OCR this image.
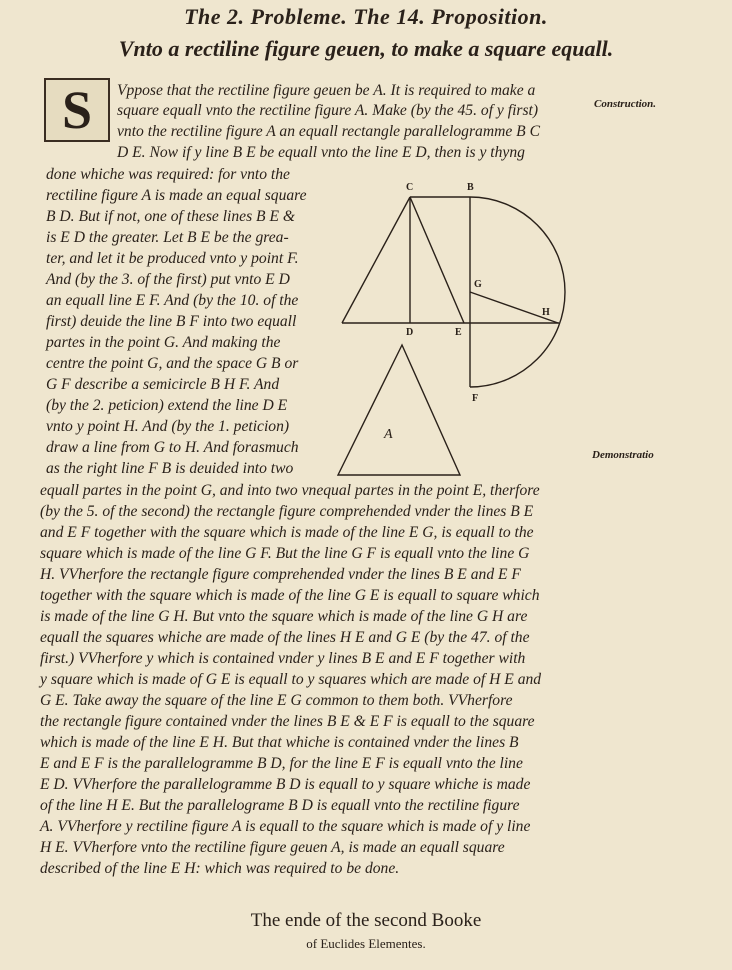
The 2. Probleme. The 14. Proposition.
Vnto a rectiline figure geuen, to make a square equall.
S	Construction.
Demonstratio
Vppose that the rectiline figure geuen be A. It is required to make a
square equall vnto the rectiline figure A. Make (by the 45. of y first)
vnto the rectiline figure A an equall rectangle parallelogramme B C
D E. Now if y line B E be equall vnto the line E D, then is y thyng
done whiche was required: for vnto the
rectiline figure A is made an equal square
B D. But if not, one of these lines B E &
is E D the greater. Let B E be the grea-
ter, and let it be produced vnto y point F.
And (by the 3. of the first) put vnto E D
an equall line E F. And (by the 10. of the
first) deuide the line B F into two equall
partes in the point G. And making the
centre the point G, and the space G B or
G F describe a semicircle B H F. And
(by the 2. peticion) extend the line D E
vnto y point H. And (by the 1. peticion)
draw a line from G to H. And forasmuch
as the right line F B is deuided into two
equall partes in the point G, and into two vnequal partes in the point E, therfore
(by the 5. of the second) the rectangle figure comprehended vnder the lines B E
and E F together with the square which is made of the line E G, is equall to the
square which is made of the line G F. But the line G F is equall vnto the line G
H. VVherfore the rectangle figure comprehended vnder the lines B E and E F
together with the square which is made of the line G E is equall to square which
is made of the line G H. But vnto the square which is made of the line G H are
equall the squares whiche are made of the lines H E and G E (by the 47. of the
first.) VVherfore y which is contained vnder y lines B E and E F together with
y square which is made of G E is equall to y squares which are made of H E and
G E. Take away the square of the line E G common to them both. VVherfore
the rectangle figure contained vnder the lines B E & E F is equall to the square
which is made of the line E H. But that whiche is contained vnder the lines B
E and E F is the parallelogramme B D, for the line E F is equall vnto the line
E D. VVherfore the parallelogramme B D is equall to y square whiche is made
of the line H E. But the parallelograme B D is equall vnto the rectiline figure
A. VVherfore y rectiline figure A is equall to the square which is made of y line
H E. VVherfore vnto the rectiline figure geuen A, is made an equall square
described of the line E H: which was required to be done.
C	B
G
H
D	E
F
A
The ende of the second Booke
of Euclides Elementes.
